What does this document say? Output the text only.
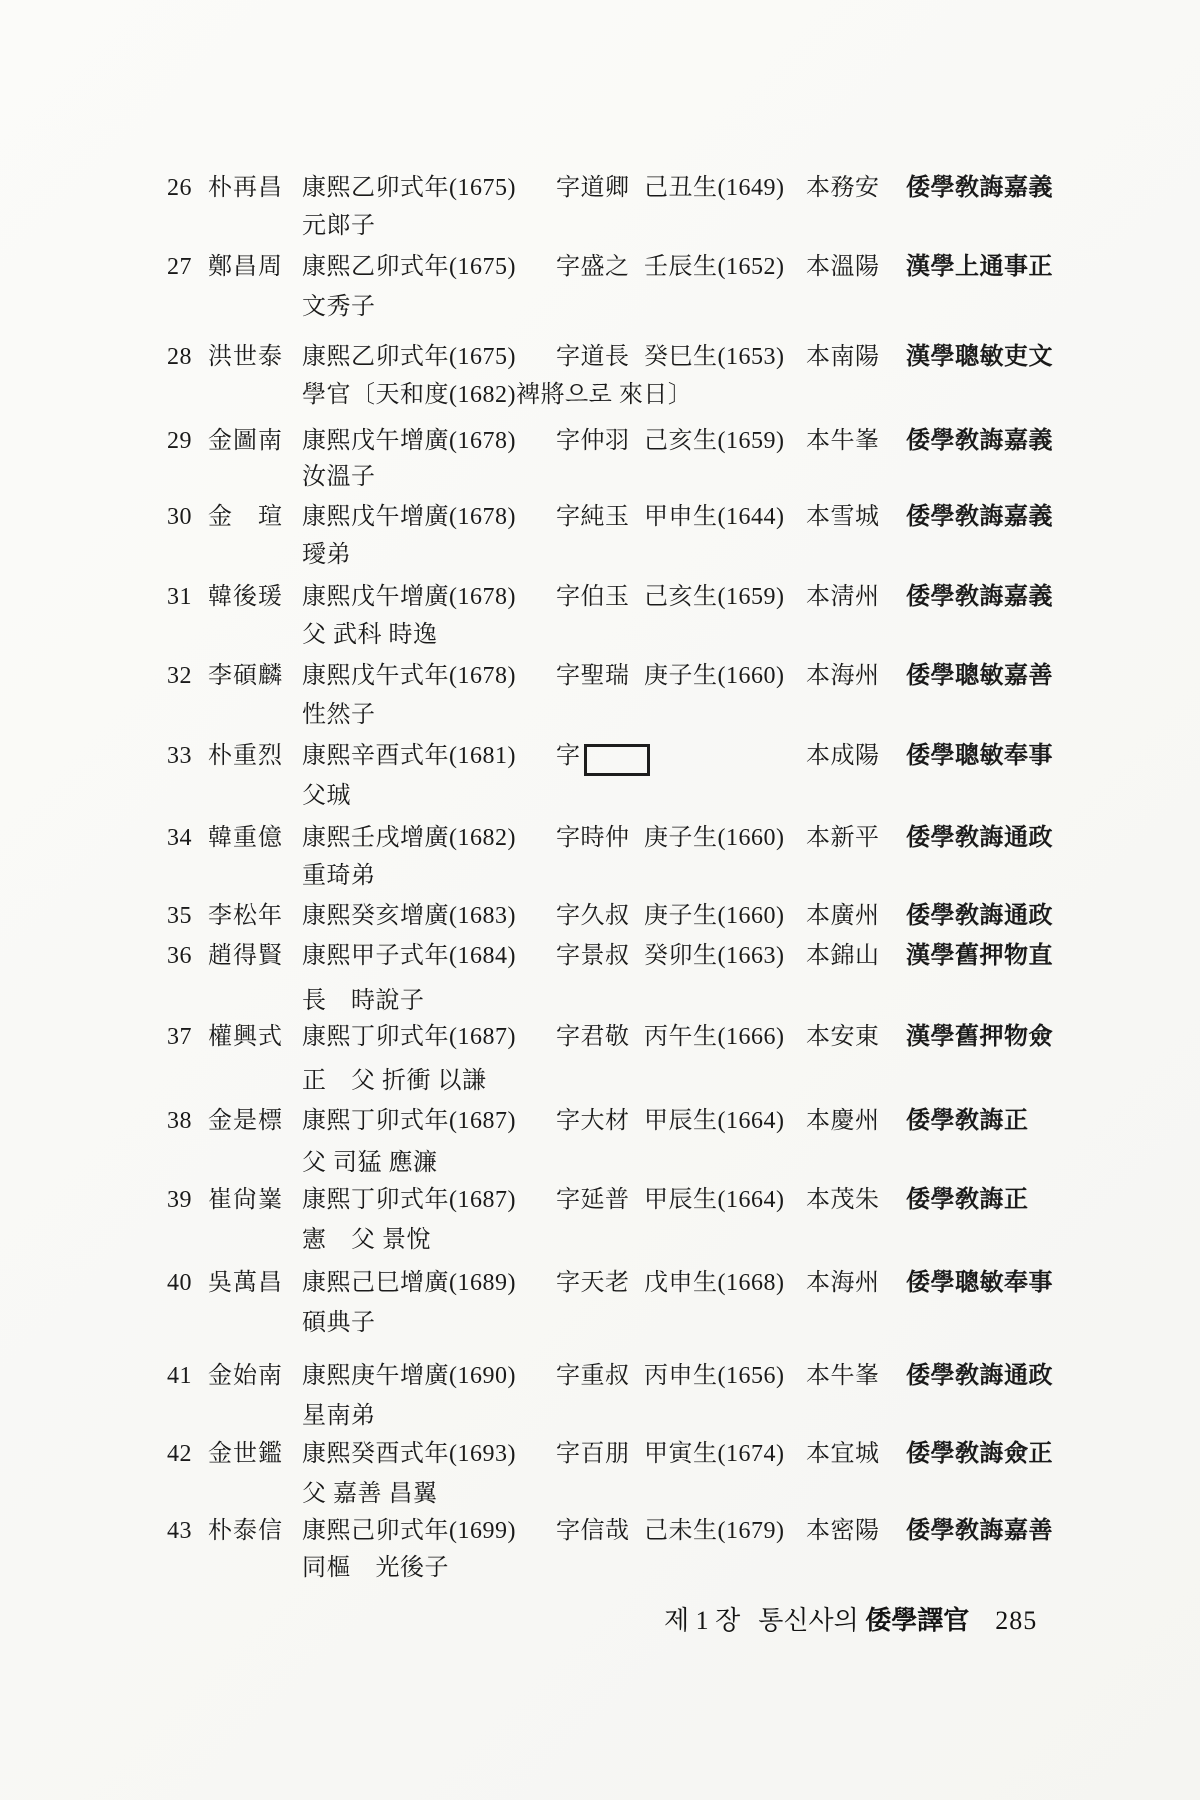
26 朴再昌 康熙乙卯式年(1675) 字道卿 己丑生(1649) 本務安 倭學敎誨嘉義
元郞子
27 鄭昌周 康熙乙卯式年(1675) 字盛之 壬辰生(1652) 本溫陽 漢學上通事正
文秀子
28 洪世泰 康熙乙卯式年(1675) 字道長 癸巳生(1653) 本南陽 漢學聰敏吏文
學官〔天和度(1682)裨將으로 來日〕
29 金圖南 康熙戊午增廣(1678) 字仲羽 己亥生(1659) 本牛峯 倭學敎誨嘉義
汝溫子
30 金　瑄 康熙戊午增廣(1678) 字純玉 甲申生(1644) 本雪城 倭學敎誨嘉義
璦弟
31 韓後瑗 康熙戊午增廣(1678) 字伯玉 己亥生(1659) 本淸州 倭學敎誨嘉義
父 武科 時逸
32 李碩麟 康熙戊午式年(1678) 字聖瑞 庚子生(1660) 本海州 倭學聰敏嘉善
性然子
33 朴重烈 康熙辛酉式年(1681) 字	本成陽 倭學聰敏奉事
父珹
34 韓重億 康熙壬戌增廣(1682) 字時仲 庚子生(1660) 本新平 倭學敎誨通政
重琦弟
35 李松年 康熙癸亥增廣(1683) 字久叔 庚子生(1660) 本廣州 倭學敎誨通政
36 趙得賢 康熙甲子式年(1684) 字景叔 癸卯生(1663) 本錦山 漢學舊押物直
長　時說子
37 權興式 康熙丁卯式年(1687) 字君敬 丙午生(1666) 本安東 漢學舊押物僉
正　父 折衝 以謙
38 金是標 康熙丁卯式年(1687) 字大材 甲辰生(1664) 本慶州 倭學敎誨正
父 司猛 應濂
39 崔尙嶪 康熙丁卯式年(1687) 字延普 甲辰生(1664) 本茂朱 倭學敎誨正
憲　父 景悅
40 吳萬昌 康熙己巳增廣(1689) 字天老 戊申生(1668) 本海州 倭學聰敏奉事
碩典子
41 金始南 康熙庚午增廣(1690) 字重叔 丙申生(1656) 本牛峯 倭學敎誨通政
星南弟
42 金世鑑 康熙癸酉式年(1693) 字百朋 甲寅生(1674) 本宜城 倭學敎誨僉正
父 嘉善 昌翼
43 朴泰信 康熙己卯式年(1699) 字信哉 己未生(1679) 本密陽 倭學敎誨嘉善
同樞　光後子
제 1 장 통신사의 倭學譯官 285
